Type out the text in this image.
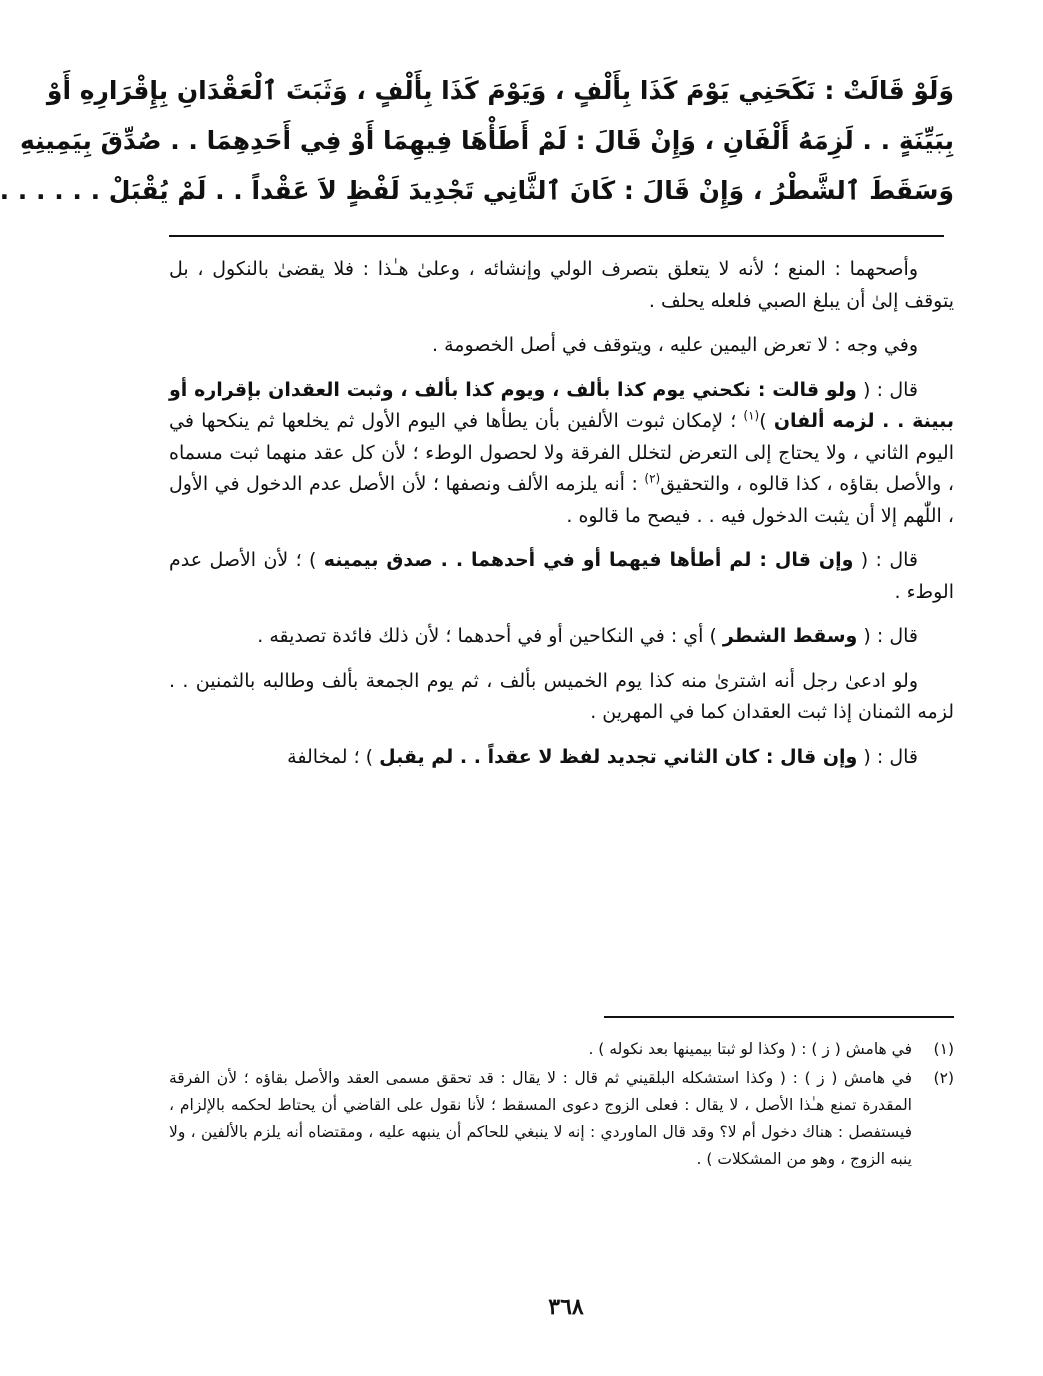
وَلَوْ قَالَتْ : نَكَحَنِي يَوْمَ كَذَا بِأَلْفٍ ، وَيَوْمَ كَذَا بِأَلْفٍ ، وَثَبَتَ ٱلْعَقْدَانِ بِإِقْرَارِهِ أَوْ
بِبَيِّنَةٍ . . لَزِمَهُ أَلْفَانِ ، وَإِنْ قَالَ : لَمْ أَطَأْهَا فِيهِمَا أَوْ فِي أَحَدِهِمَا . . صُدِّقَ بِيَمِينِهِ
وَسَقَطَ ٱلشَّطْرُ ، وَإِنْ قَالَ : كَانَ ٱلثَّانِي تَجْدِيدَ لَفْظٍ لاَ عَقْداً . . لَمْ يُقْبَلْ . . . . . .

وأصحهما : المنع ؛ لأنه لا يتعلق بتصرف الولي وإنشائه ، وعلىٰ هـٰذا : فلا يقضىٰ بالنكول ، بل يتوقف إلىٰ أن يبلغ الصبي فلعله يحلف .

وفي وجه : لا تعرض اليمين عليه ، ويتوقف في أصل الخصومة .

قال : ( ولو قالت : نكحني يوم كذا بألف ، ويوم كذا بألف ، وثبت العقدان بإقراره أو ببينة . . لزمه ألفان )$^{(١)}$ ؛ لإمكان ثبوت الألفين بأن يطأها في اليوم الأول ثم يخلعها ثم ينكحها في اليوم الثاني ، ولا يحتاج إلى التعرض لتخلل الفرقة ولا لحصول الوطء ؛ لأن كل عقد منهما ثبت مسماه ، والأصل بقاؤه ، كذا قالوه ، والتحقيق$^{(٢)}$ : أنه يلزمه الألف ونصفها ؛ لأن الأصل عدم الدخول في الأول ، اللّٰهم إلا أن يثبت الدخول فيه . . فيصح ما قالوه .

قال : ( وإن قال : لم أطأها فيهما أو في أحدهما . . صدق بيمينه ) ؛ لأن الأصل عدم الوطء .

قال : ( وسقط الشطر ) أي : في النكاحين أو في أحدهما ؛ لأن ذلك فائدة تصديقه .

ولو ادعىٰ رجل أنه اشترىٰ منه كذا يوم الخميس بألف ، ثم يوم الجمعة بألف وطالبه بالثمنين . . لزمه الثمنان إذا ثبت العقدان كما في المهرين .

قال : ( وإن قال : كان الثاني تجديد لفظ لا عقداً . . لم يقبل ) ؛ لمخالفة

(١)
في هامش ( ز ) : ( وكذا لو ثبتا بيمينها بعد نكوله ) .
(٢)
في هامش ( ز ) : ( وكذا استشكله البلقيني ثم قال : لا يقال : قد تحقق مسمى العقد والأصل بقاؤه ؛ لأن الفرقة المقدرة تمنع هـٰذا الأصل ، لا يقال : فعلى الزوج دعوى المسقط ؛ لأنا نقول على القاضي أن يحتاط لحكمه بالإلزام ، فيستفصل : هناك دخول أم لا؟ وقد قال الماوردي : إنه لا ينبغي للحاكم أن ينبهه عليه ، ومقتضاه أنه يلزم بالألفين ، ولا ينبه الزوج ، وهو من المشكلات ) .
٣٦٨
